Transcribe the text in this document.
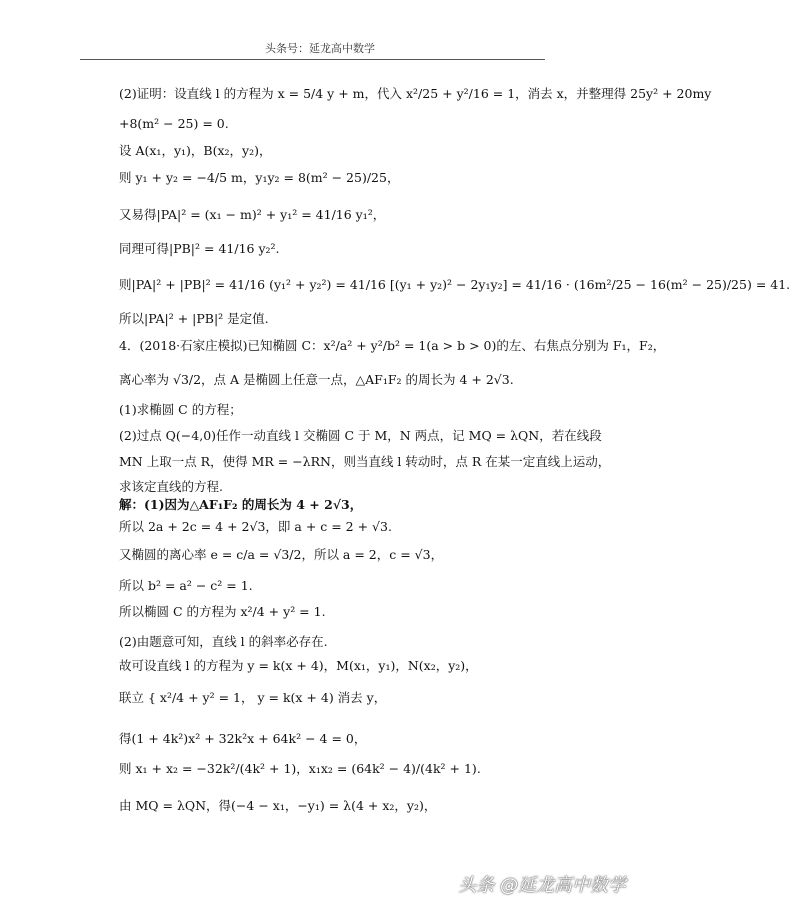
头条号：延龙高中数学
(2)证明：设直线 l 的方程为 x = 5/4 y + m，代入 x²/25 + y²/16 = 1，消去 x，并整理得 25y² + 20my
+8(m² − 25) = 0.
设 A(x₁，y₁)，B(x₂，y₂)，
则 y₁ + y₂ = −4/5 m，y₁y₂ = 8(m² − 25)/25，
又易得|PA|² = (x₁ − m)² + y₁² = 41/16 y₁²，
同理可得|PB|² = 41/16 y₂².
则|PA|² + |PB|² = 41/16 (y₁² + y₂²) = 41/16 [(y₁ + y₂)² − 2y₁y₂] = 41/16 · (16m²/25 − 16(m² − 25)/25) = 41.
所以|PA|² + |PB|² 是定值.
4．(2018·石家庄模拟)已知椭圆 C：x²/a² + y²/b² = 1(a > b > 0)的左、右焦点分别为 F₁，F₂，
离心率为 √3/2，点 A 是椭圆上任意一点，△AF₁F₂ 的周长为 4 + 2√3.
(1)求椭圆 C 的方程；
(2)过点 Q(−4,0)任作一动直线 l 交椭圆 C 于 M，N 两点，记 MQ = λQN，若在线段
MN 上取一点 R，使得 MR = −λRN，则当直线 l 转动时，点 R 在某一定直线上运动，
求该定直线的方程.
解：(1)因为△AF₁F₂ 的周长为 4 + 2√3，
所以 2a + 2c = 4 + 2√3，即 a + c = 2 + √3.
又椭圆的离心率 e = c/a = √3/2，所以 a = 2，c = √3，
所以 b² = a² − c² = 1.
所以椭圆 C 的方程为 x²/4 + y² = 1.
(2)由题意可知，直线 l 的斜率必存在.
故可设直线 l 的方程为 y = k(x + 4)，M(x₁，y₁)，N(x₂，y₂)，
联立 { x²/4 + y² = 1， y = k(x + 4) 消去 y，
得(1 + 4k²)x² + 32k²x + 64k² − 4 = 0，
则 x₁ + x₂ = −32k²/(4k² + 1)，x₁x₂ = (64k² − 4)/(4k² + 1).
由 MQ = λQN，得(−4 − x₁，−y₁) = λ(4 + x₂，y₂)，
头条 @延龙高中数学
